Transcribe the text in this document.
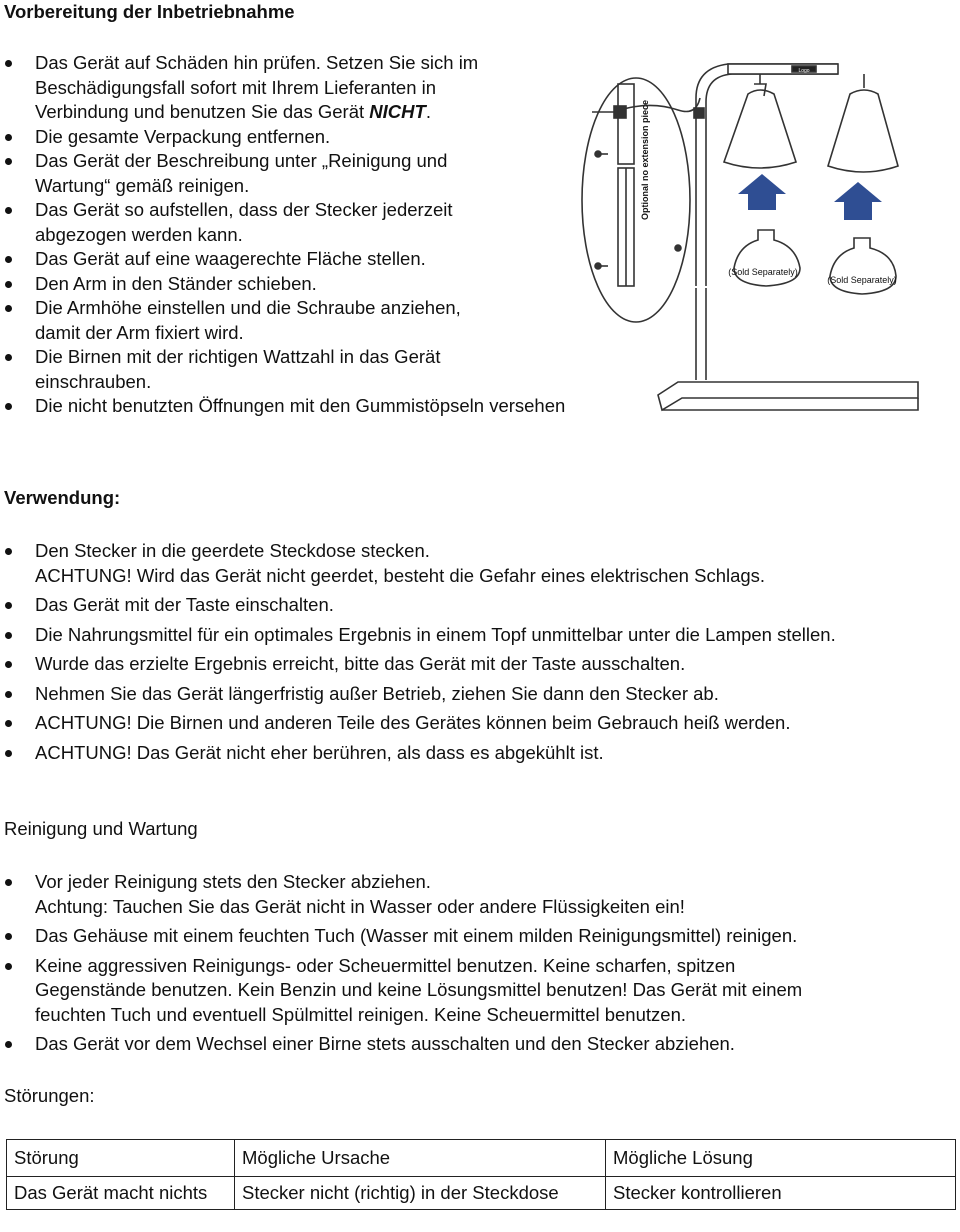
Vorbereitung der Inbetriebnahme
Das Gerät auf Schäden hin prüfen. Setzen Sie sich im
Beschädigungsfall sofort mit Ihrem Lieferanten in
Verbindung und benutzen Sie das Gerät NICHT.
Die gesamte Verpackung entfernen.
Das Gerät der Beschreibung unter „Reinigung und
Wartung“ gemäß reinigen.
Das Gerät so aufstellen, dass der Stecker jederzeit
abgezogen werden kann.
Das Gerät auf eine waagerechte Fläche stellen.
Den Arm in den Ständer schieben.
Die Armhöhe einstellen und die Schraube anziehen,
damit der Arm fixiert wird.
Die Birnen mit der richtigen Wattzahl in das Gerät
einschrauben.
Die nicht benutzten Öffnungen mit den Gummistöpseln versehen
Optional no extension piece
(Sold Separately)
(Sold Separately)
Logo
Verwendung:
Den Stecker in die geerdete Steckdose stecken.
ACHTUNG! Wird das Gerät nicht geerdet, besteht die Gefahr eines elektrischen Schlags.
Das Gerät mit der Taste einschalten.
Die Nahrungsmittel für ein optimales Ergebnis in einem Topf unmittelbar unter die Lampen stellen.
Wurde das erzielte Ergebnis erreicht, bitte das Gerät mit der Taste ausschalten.
Nehmen Sie das Gerät längerfristig außer Betrieb, ziehen Sie dann den Stecker ab.
ACHTUNG! Die Birnen und anderen Teile des Gerätes können beim Gebrauch heiß werden.
ACHTUNG! Das Gerät nicht eher berühren, als dass es abgekühlt ist.
Reinigung und Wartung
Vor jeder Reinigung stets den Stecker abziehen.
Achtung: Tauchen Sie das Gerät nicht in Wasser oder andere Flüssigkeiten ein!
Das Gehäuse mit einem feuchten Tuch (Wasser mit einem milden Reinigungsmittel) reinigen.
Keine aggressiven Reinigungs- oder Scheuermittel benutzen. Keine scharfen, spitzen
Gegenstände benutzen. Kein Benzin und keine Lösungsmittel benutzen! Das Gerät mit einem
feuchten Tuch und eventuell Spülmittel reinigen. Keine Scheuermittel benutzen.
Das Gerät vor dem Wechsel einer Birne stets ausschalten und den Stecker abziehen.
Störungen:
Störung	Mögliche Ursache	Mögliche Lösung
Das Gerät macht nichts	Stecker nicht (richtig) in der Steckdose	Stecker kontrollieren
